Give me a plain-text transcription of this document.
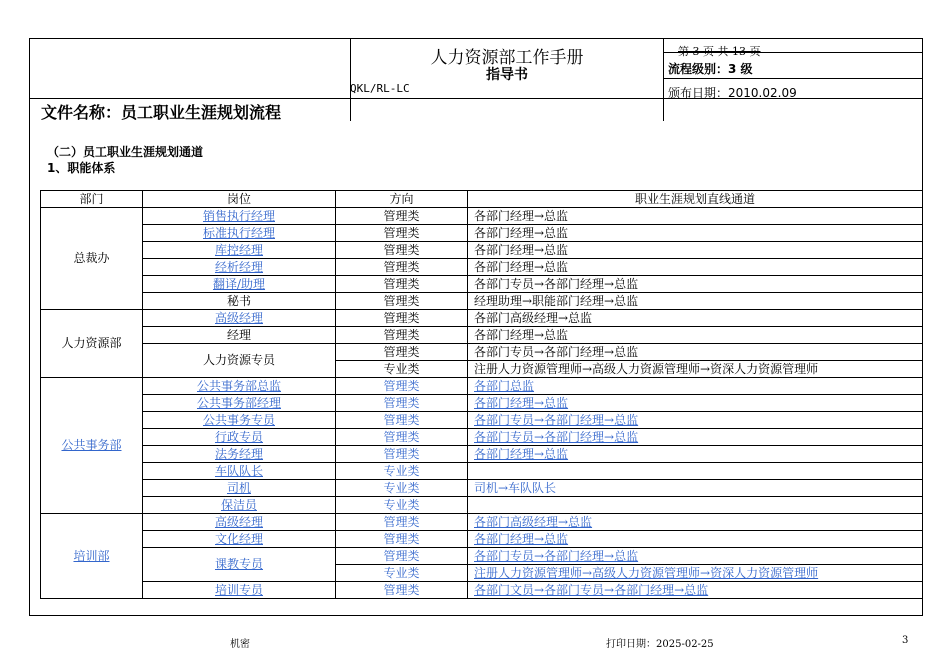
人力资源部工作手册
指导书
QKL/RL-LC
第 3 页 共 13 页
流程级别：3 级
颁布日期：2010.02.09
文件名称：员工职业生涯规划流程
（二）员工职业生涯规划通道
1、职能体系
部门	岗位	方向	职业生涯规划直线通道
总裁办	销售执行经理	管理类	各部门经理→总监
	标准执行经理	管理类	各部门经理→总监
	库控经理	管理类	各部门经理→总监
	经析经理	管理类	各部门经理→总监
	翻译/助理	管理类	各部门专员→各部门经理→总监
	秘书	管理类	经理助理→职能部门经理→总监
人力资源部	高级经理	管理类	各部门高级经理→总监
	经理	管理类	各部门经理→总监
	人力资源专员	管理类	各部门专员→各部门经理→总监
		专业类	注册人力资源管理师→高级人力资源管理师→资深人力资源管理师
公共事务部	公共事务部总监	管理类	各部门总监
	公共事务部经理	管理类	各部门经理→总监
	公共事务专员	管理类	各部门专员→各部门经理→总监
	行政专员	管理类	各部门专员→各部门经理→总监
	法务经理	管理类	各部门经理→总监
	车队队长	专业类	
	司机	专业类	司机→车队队长
	保洁员	专业类	
培训部	高级经理	管理类	各部门高级经理→总监
	文化经理	管理类	各部门经理→总监
	课教专员	管理类	各部门专员→各部门经理→总监
		专业类	注册人力资源管理师→高级人力资源管理师→资深人力资源管理师
	培训专员	管理类	各部门文员→各部门专员→各部门经理→总监
机密	打印日期：2025-02-25	3
